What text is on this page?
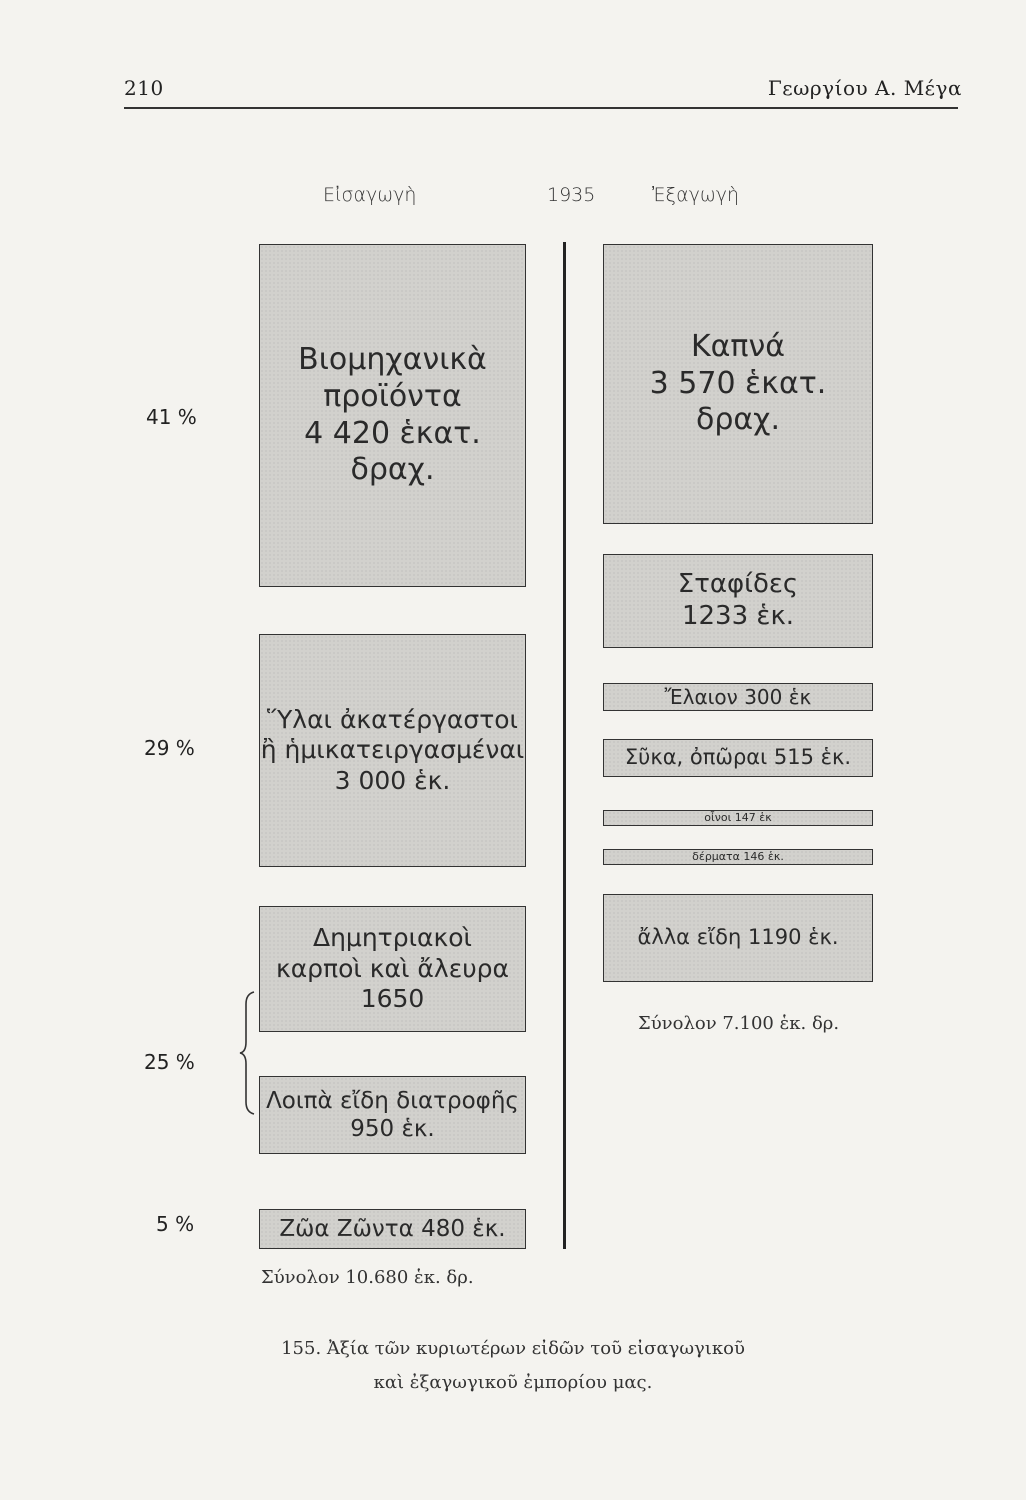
210	Γεωργίου Α. Μέγα
Εἰσαγωγὴ	1935	Ἐξαγωγὴ
Βιομηχανικὰ
προϊόντα
4 420 ἑκατ.
δραχ.
Ὕλαι ἀκατέργαστοι
ἢ ἡμικατειργασμέναι
3 000 ἑκ.
Δημητριακοὶ
καρποὶ καὶ ἄλευρα
1650
Λοιπὰ εἴδη διατροφῆς
950 ἑκ.
Ζῶα Ζῶντα 480 ἑκ.
41 %
29 %
25 %
5 %
Καπνά
3 570 ἑκατ.
δραχ.
Σταφίδες
1233 ἑκ.
Ἔλαιον 300 ἑκ
Σῦκα, ὀπῶραι 515 ἑκ.
οἶνοι 147 ἑκ
δέρματα 146 ἑκ.
ἄλλα εἴδη 1190 ἑκ.
Σύνολον 10.680 ἑκ. δρ.
Σύνολον 7.100 ἑκ. δρ.
155. Ἀξία τῶν κυριωτέρων εἰδῶν τοῦ εἰσαγωγικοῦ
καὶ ἐξαγωγικοῦ ἐμπορίου μας.
